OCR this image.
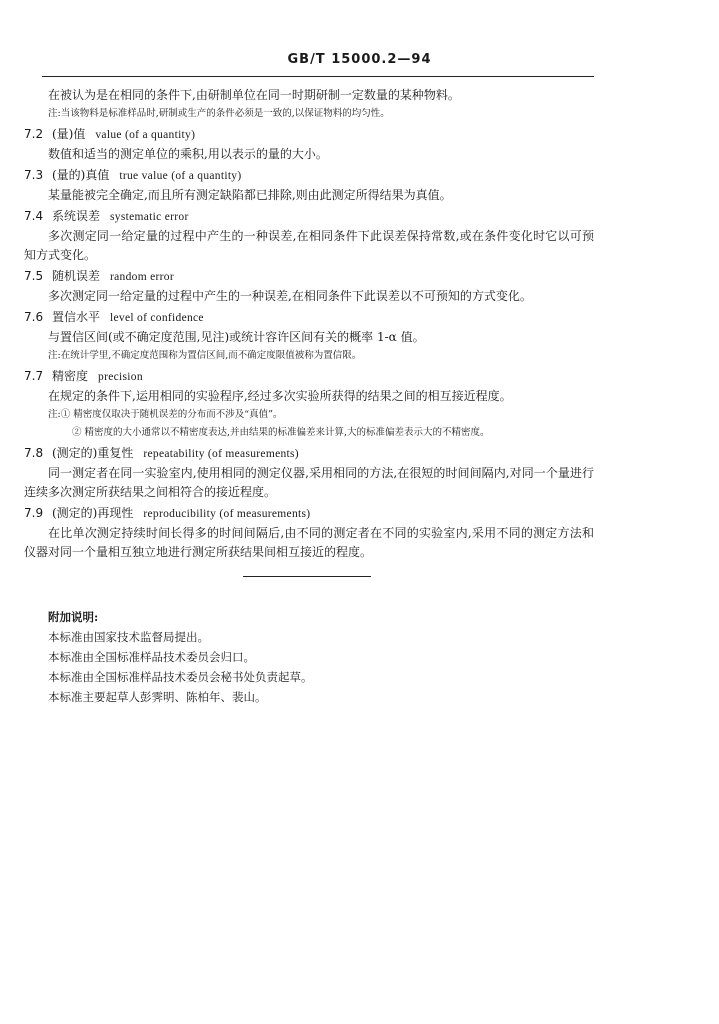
GB/T 15000.2—94

在被认为是在相同的条件下,由研制单位在同一时期研制一定数量的某种物料。

注:当该物料是标准样品时,研制或生产的条件必须是一致的,以保证物料的均匀性。

7.2 (量)值 value (of a quantity)

数值和适当的测定单位的乘积,用以表示的量的大小。

7.3 (量的)真值 true value (of a quantity)

某量能被完全确定,而且所有测定缺陷都已排除,则由此测定所得结果为真值。

7.4 系统误差 systematic error

多次测定同一给定量的过程中产生的一种误差,在相同条件下此误差保持常数,或在条件变化时它以可预知方式变化。

7.5 随机误差 random error

多次测定同一给定量的过程中产生的一种误差,在相同条件下此误差以不可预知的方式变化。

7.6 置信水平 level of confidence

与置信区间(或不确定度范围,见注)或统计容许区间有关的概率 1-α 值。

注:在统计学里,不确定度范围称为置信区间,而不确定度限值被称为置信限。

7.7 精密度 precision

在规定的条件下,运用相同的实验程序,经过多次实验所获得的结果之间的相互接近程度。

注:① 精密度仅取决于随机误差的分布而不涉及“真值”。

② 精密度的大小通常以不精密度表达,并由结果的标准偏差来计算,大的标准偏差表示大的不精密度。

7.8 (测定的)重复性 repeatability (of measurements)

同一测定者在同一实验室内,使用相同的测定仪器,采用相同的方法,在很短的时间间隔内,对同一个量进行连续多次测定所获结果之间相符合的接近程度。

7.9 (测定的)再现性 reproducibility (of measurements)

在比单次测定持续时间长得多的时间间隔后,由不同的测定者在不同的实验室内,采用不同的测定方法和仪器对同一个量相互独立地进行测定所获结果间相互接近的程度。

附加说明:

本标准由国家技术监督局提出。

本标准由全国标准样品技术委员会归口。

本标准由全国标准样品技术委员会秘书处负责起草。

本标准主要起草人彭霁明、陈柏年、裴山。
